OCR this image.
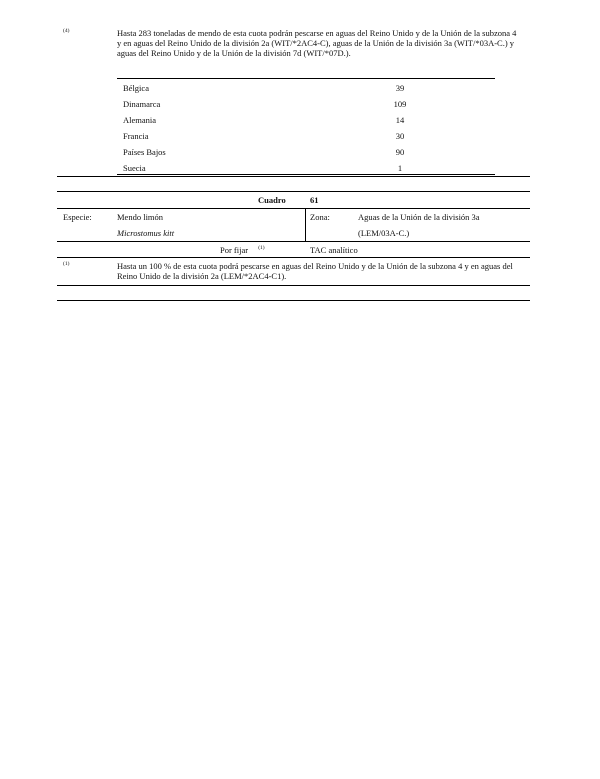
(4)	Hasta 283 toneladas de mendo de esta cuota podrán pescarse en aguas del Reino Unido y de la Unión de la subzona 4
y en aguas del Reino Unido de la división 2a (WIT/*2AC4-C), aguas de la Unión de la división 3a (WIT/*03A-C.) y
aguas del Reino Unido y de la Unión de la división 7d (WIT/*07D.).
Bélgica	39
Dinamarca	109
Alemania	14
Francia	30
Países Bajos	90
Suecia	1
Cuadro	61
Especie:	Mendo limón
Microstomus kitt
Zona:	Aguas de la Unión de la división 3a
(LEM/03A-C.)
Por fijar $^{(1)}$	TAC analítico
(1)	Hasta un 100 % de esta cuota podrá pescarse en aguas del Reino Unido y de la Unión de la subzona 4 y en aguas del
Reino Unido de la división 2a (LEM/*2AC4-C1).
